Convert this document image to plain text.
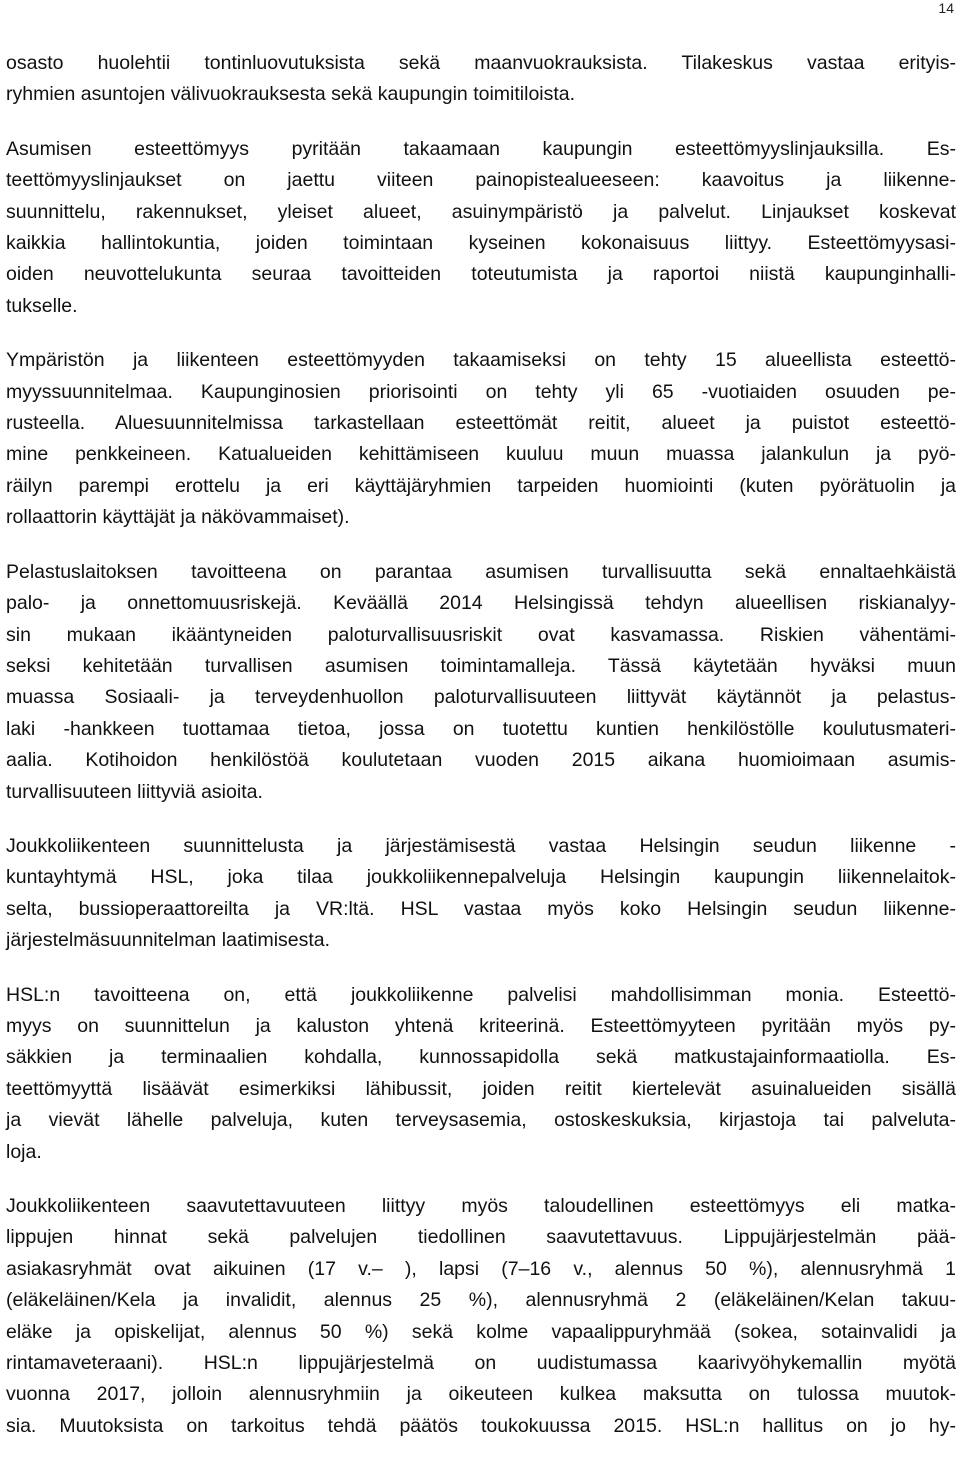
14
osasto huolehtii tontinluovutuksista sekä maanvuokrauksista. Tilakeskus vastaa erityis-
ryhmien asuntojen välivuokrauksesta sekä kaupungin toimitiloista.
Asumisen esteettömyys pyritään takaamaan kaupungin esteettömyyslinjauksilla. Es-
teettömyyslinjaukset on jaettu viiteen painopistealueeseen: kaavoitus ja liikenne-
suunnittelu, rakennukset, yleiset alueet, asuinympäristö ja palvelut. Linjaukset koskevat
kaikkia hallintokuntia, joiden toimintaan kyseinen kokonaisuus liittyy. Esteettömyysasi-
oiden neuvottelukunta seuraa tavoitteiden toteutumista ja raportoi niistä kaupunginhalli-
tukselle.
Ympäristön ja liikenteen esteettömyyden takaamiseksi on tehty 15 alueellista esteettö-
myyssuunnitelmaa. Kaupunginosien priorisointi on tehty yli 65 -vuotiaiden osuuden pe-
rusteella. Aluesuunnitelmissa tarkastellaan esteettömät reitit, alueet ja puistot esteettö-
mine penkkeineen. Katualueiden kehittämiseen kuuluu muun muassa jalankulun ja pyö-
räilyn parempi erottelu ja eri käyttäjäryhmien tarpeiden huomiointi (kuten pyörätuolin ja
rollaattorin käyttäjät ja näkövammaiset).
Pelastuslaitoksen tavoitteena on parantaa asumisen turvallisuutta sekä ennaltaehkäistä
palo- ja onnettomuusriskejä. Keväällä 2014 Helsingissä tehdyn alueellisen riskianalyy-
sin mukaan ikääntyneiden paloturvallisuusriskit ovat kasvamassa. Riskien vähentämi-
seksi kehitetään turvallisen asumisen toimintamalleja. Tässä käytetään hyväksi muun
muassa Sosiaali- ja terveydenhuollon paloturvallisuuteen liittyvät käytännöt ja pelastus-
laki -hankkeen tuottamaa tietoa, jossa on tuotettu kuntien henkilöstölle koulutusmateri-
aalia. Kotihoidon henkilöstöä koulutetaan vuoden 2015 aikana huomioimaan asumis-
turvallisuuteen liittyviä asioita.
Joukkoliikenteen suunnittelusta ja järjestämisestä vastaa Helsingin seudun liikenne -
kuntayhtymä HSL, joka tilaa joukkoliikennepalveluja Helsingin kaupungin liikennelaitok-
selta, bussioperaattoreilta ja VR:ltä. HSL vastaa myös koko Helsingin seudun liikenne-
järjestelmäsuunnitelman laatimisesta.
HSL:n tavoitteena on, että joukkoliikenne palvelisi mahdollisimman monia. Esteettö-
myys on suunnittelun ja kaluston yhtenä kriteerinä. Esteettömyyteen pyritään myös py-
säkkien ja terminaalien kohdalla, kunnossapidolla sekä matkustajainformaatiolla. Es-
teettömyyttä lisäävät esimerkiksi lähibussit, joiden reitit kiertelevät asuinalueiden sisällä
ja vievät lähelle palveluja, kuten terveysasemia, ostoskeskuksia, kirjastoja tai palveluta-
loja.
Joukkoliikenteen saavutettavuuteen liittyy myös taloudellinen esteettömyys eli matka-
lippujen hinnat sekä palvelujen tiedollinen saavutettavuus. Lippujärjestelmän pää-
asiakasryhmät ovat aikuinen (17 v.– ), lapsi (7–16 v., alennus 50 %), alennusryhmä 1
(eläkeläinen/Kela ja invalidit, alennus 25 %), alennusryhmä 2 (eläkeläinen/Kelan takuu-
eläke ja opiskelijat, alennus 50 %) sekä kolme vapaalippuryhmää (sokea, sotainvalidi ja
rintamaveteraani). HSL:n lippujärjestelmä on uudistumassa kaarivyöhykemallin myötä
vuonna 2017, jolloin alennusryhmiin ja oikeuteen kulkea maksutta on tulossa muutok-
sia. Muutoksista on tarkoitus tehdä päätös toukokuussa 2015. HSL:n hallitus on jo hy-
